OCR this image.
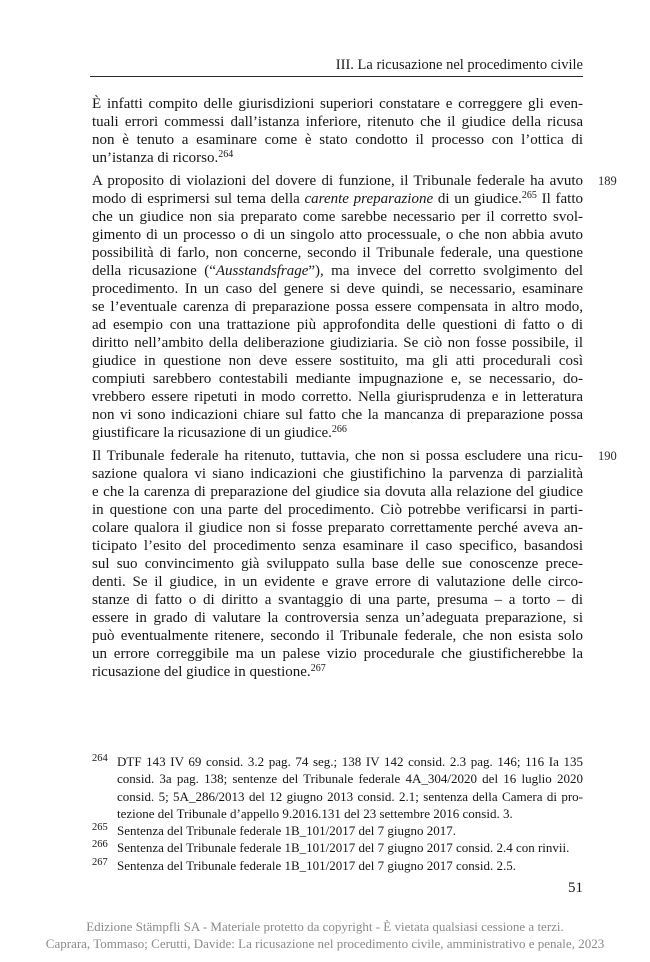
III. La ricusazione nel procedimento civile
È infatti compito delle giurisdizioni superiori constatare e correggere gli even-
tuali errori commessi dall’istanza inferiore, ritenuto che il giudice della ricusa
non è tenuto a esaminare come è stato condotto il processo con l’ottica di
un’istanza di ricorso.$^{264}$
189
A proposito di violazioni del dovere di funzione, il Tribunale federale ha avuto
modo di esprimersi sul tema della carente preparazione di un giudice.$^{265}$ Il fatto
che un giudice non sia preparato come sarebbe necessario per il corretto svol-
gimento di un processo o di un singolo atto processuale, o che non abbia avuto
possibilità di farlo, non concerne, secondo il Tribunale federale, una questione
della ricusazione (“Ausstandsfrage”), ma invece del corretto svolgimento del
procedimento. In un caso del genere si deve quindi, se necessario, esaminare
se l’eventuale carenza di preparazione possa essere compensata in altro modo,
ad esempio con una trattazione più approfondita delle questioni di fatto o di
diritto nell’ambito della deliberazione giudiziaria. Se ciò non fosse possibile, il
giudice in questione non deve essere sostituito, ma gli atti procedurali così
compiuti sarebbero contestabili mediante impugnazione e, se necessario, do-
vrebbero essere ripetuti in modo corretto. Nella giurisprudenza e in letteratura
non vi sono indicazioni chiare sul fatto che la mancanza di preparazione possa
giustificare la ricusazione di un giudice.$^{266}$
190
Il Tribunale federale ha ritenuto, tuttavia, che non si possa escludere una ricu-
sazione qualora vi siano indicazioni che giustifichino la parvenza di parzialità
e che la carenza di preparazione del giudice sia dovuta alla relazione del giudice
in questione con una parte del procedimento. Ciò potrebbe verificarsi in parti-
colare qualora il giudice non si fosse preparato correttamente perché aveva an-
ticipato l’esito del procedimento senza esaminare il caso specifico, basandosi
sul suo convincimento già sviluppato sulla base delle sue conoscenze prece-
denti. Se il giudice, in un evidente e grave errore di valutazione delle circo-
stanze di fatto o di diritto a svantaggio di una parte, presuma – a torto – di
essere in grado di valutare la controversia senza un’adeguata preparazione, si
può eventualmente ritenere, secondo il Tribunale federale, che non esista solo
un errore correggibile ma un palese vizio procedurale che giustificherebbe la
ricusazione del giudice in questione.$^{267}$
264 DTF 143 IV 69 consid. 3.2 pag. 74 seg.; 138 IV 142 consid. 2.3 pag. 146; 116 Ia 135
consid. 3a pag. 138; sentenze del Tribunale federale 4A_304/2020 del 16 luglio 2020
consid. 5; 5A_286/2013 del 12 giugno 2013 consid. 2.1; sentenza della Camera di pro-
tezione del Tribunale d’appello 9.2016.131 del 23 settembre 2016 consid. 3.
265 Sentenza del Tribunale federale 1B_101/2017 del 7 giugno 2017.
266 Sentenza del Tribunale federale 1B_101/2017 del 7 giugno 2017 consid. 2.4 con rinvii.
267 Sentenza del Tribunale federale 1B_101/2017 del 7 giugno 2017 consid. 2.5.
51
Edizione Stämpfli SA - Materiale protetto da copyright - È vietata qualsiasi cessione a terzi.
Caprara, Tommaso; Cerutti, Davide: La ricusazione nel procedimento civile, amministrativo e penale, 2023
